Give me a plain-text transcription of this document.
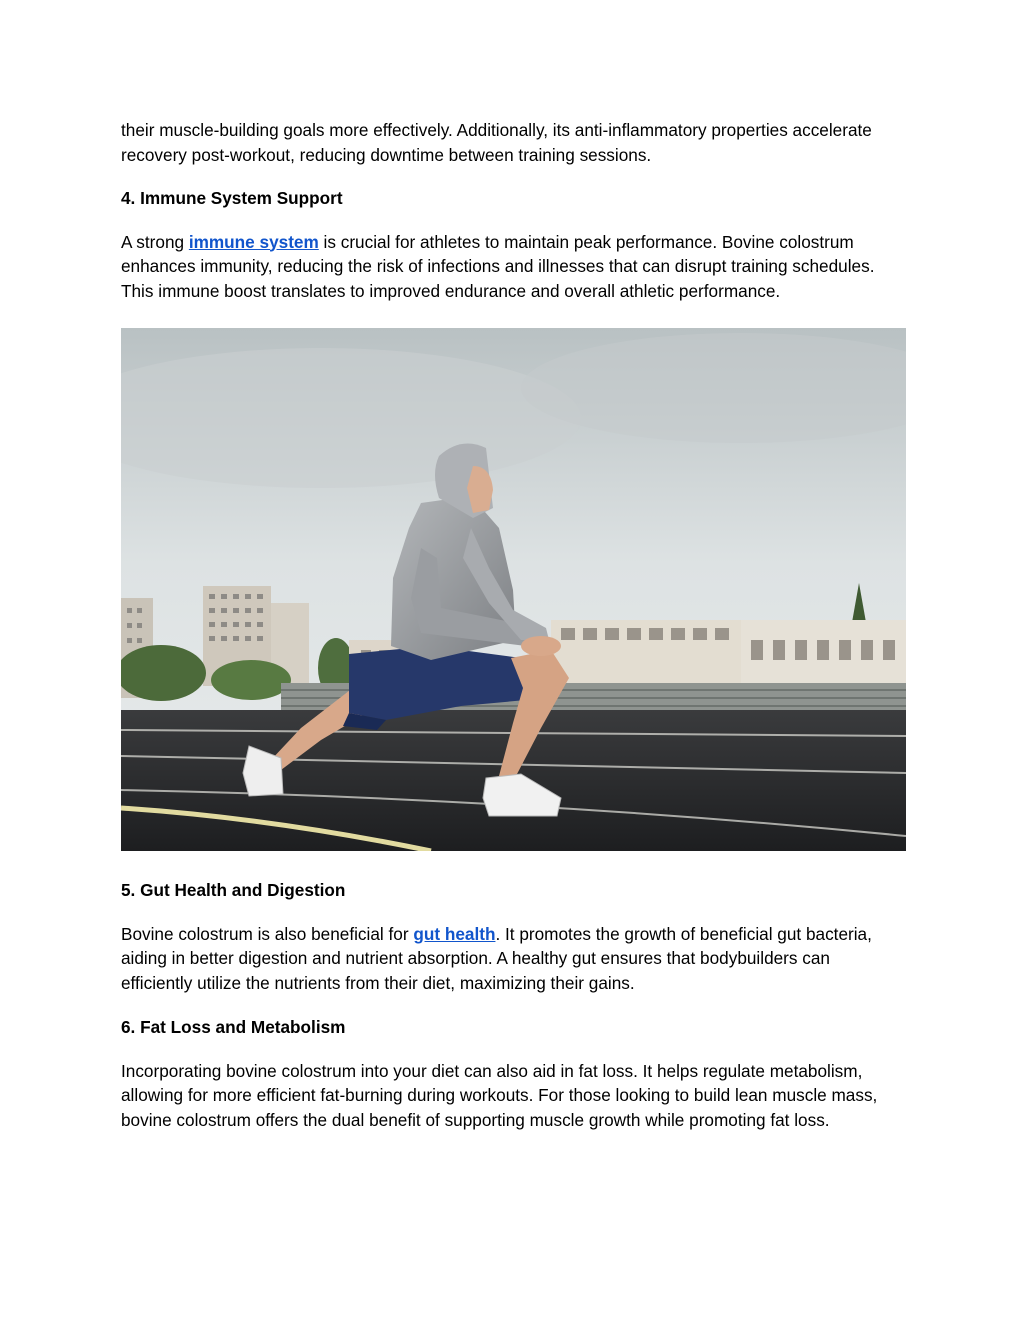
their muscle-building goals more effectively. Additionally, its anti-inflammatory properties accelerate recovery post-workout, reducing downtime between training sessions.

4. Immune System Support

A strong immune system is crucial for athletes to maintain peak performance. Bovine colostrum enhances immunity, reducing the risk of infections and illnesses that can disrupt training schedules. This immune boost translates to improved endurance and overall athletic performance.

5. Gut Health and Digestion

Bovine colostrum is also beneficial for gut health. It promotes the growth of beneficial gut bacteria, aiding in better digestion and nutrient absorption. A healthy gut ensures that bodybuilders can efficiently utilize the nutrients from their diet, maximizing their gains.

6. Fat Loss and Metabolism

Incorporating bovine colostrum into your diet can also aid in fat loss. It helps regulate metabolism, allowing for more efficient fat-burning during workouts. For those looking to build lean muscle mass, bovine colostrum offers the dual benefit of supporting muscle growth while promoting fat loss.
